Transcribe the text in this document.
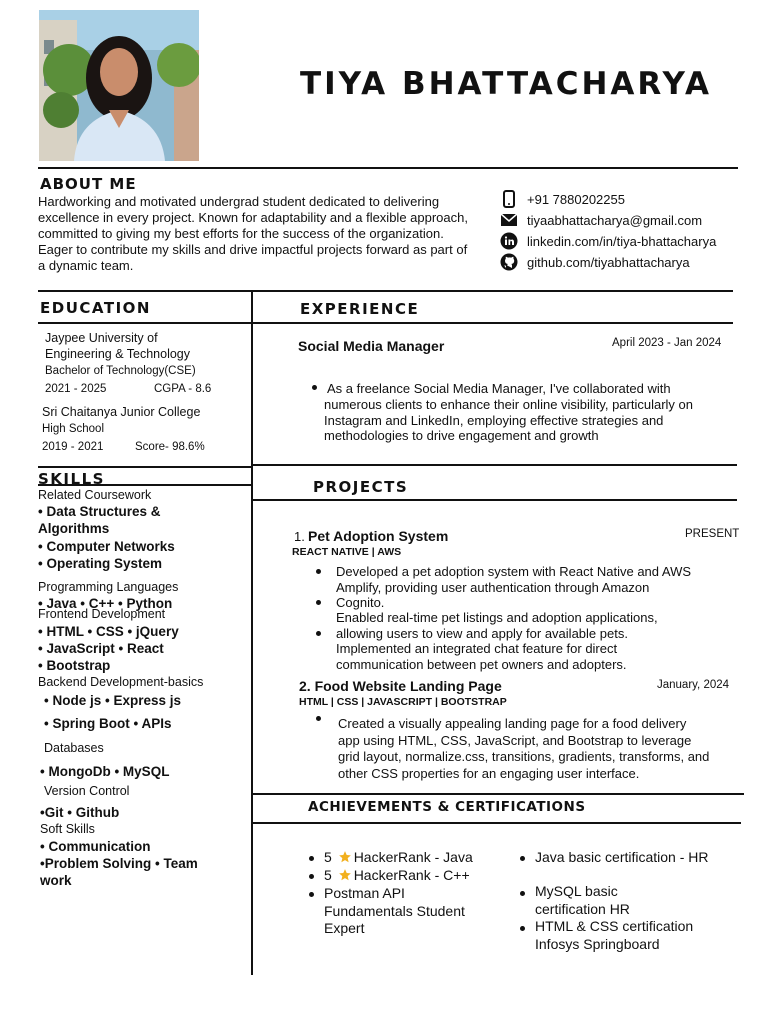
TIYA BHATTACHARYA
ABOUT ME
Hardworking and motivated undergrad student dedicated to delivering excellence in every project. Known for adaptability and a flexible approach, committed to giving my best efforts for the success of the organization. Eager to contribute my skills and drive impactful projects forward as part of a dynamic team.
+91 7880202255
tiyaabhattacharya@gmail.com
linkedin.com/in/tiya-bhattacharya
github.com/tiyabhattacharya
EDUCATION
Jaypee University of
Engineering & Technology
Bachelor of Technology(CSE)
2021 - 2025	CGPA - 8.6
Sri Chaitanya Junior College
High School
2019 - 2021	Score- 98.6%
SKILLS
Related Coursework
• Data Structures &
Algorithms
• Computer Networks
• Operating System
Programming Languages
• Java • C++ • Python
Frontend Development
• HTML • CSS • jQuery
• JavaScript • React
• Bootstrap
Backend Development-basics
• Node js • Express js
• Spring Boot • APIs
Databases
• MongoDb • MySQL
Version Control
•Git • Github
Soft Skills
• Communication
•Problem Solving • Team
work
EXPERIENCE
Social Media Manager	April 2023 - Jan 2024
As a freelance Social Media Manager, I've collaborated with numerous clients to enhance their online visibility, particularly on Instagram and LinkedIn, employing effective strategies and methodologies to drive engagement and growth
PROJECTS
1. Pet Adoption System	PRESENT
REACT NATIVE | AWS
Developed a pet adoption system with React Native and AWS
Amplify, providing user authentication through Amazon
Cognito.
Enabled real-time pet listings and adoption applications,
allowing users to view and apply for available pets.
Implemented an integrated chat feature for direct
communication between pet owners and adopters.
2. Food Website Landing Page	January, 2024
HTML | CSS | JAVASCRIPT | BOOTSTRAP
Created a visually appealing landing page for a food delivery app using HTML, CSS, JavaScript, and Bootstrap to leverage grid layout, normalize.css, transitions, gradients, transforms, and other CSS properties for an engaging user interface.
ACHIEVEMENTS & CERTIFICATIONS
5 HackerRank - Java
5 HackerRank - C++
Postman API Fundamentals Student Expert
Java basic certification - HR
MySQL basic certification HR
HTML & CSS certification Infosys Springboard
